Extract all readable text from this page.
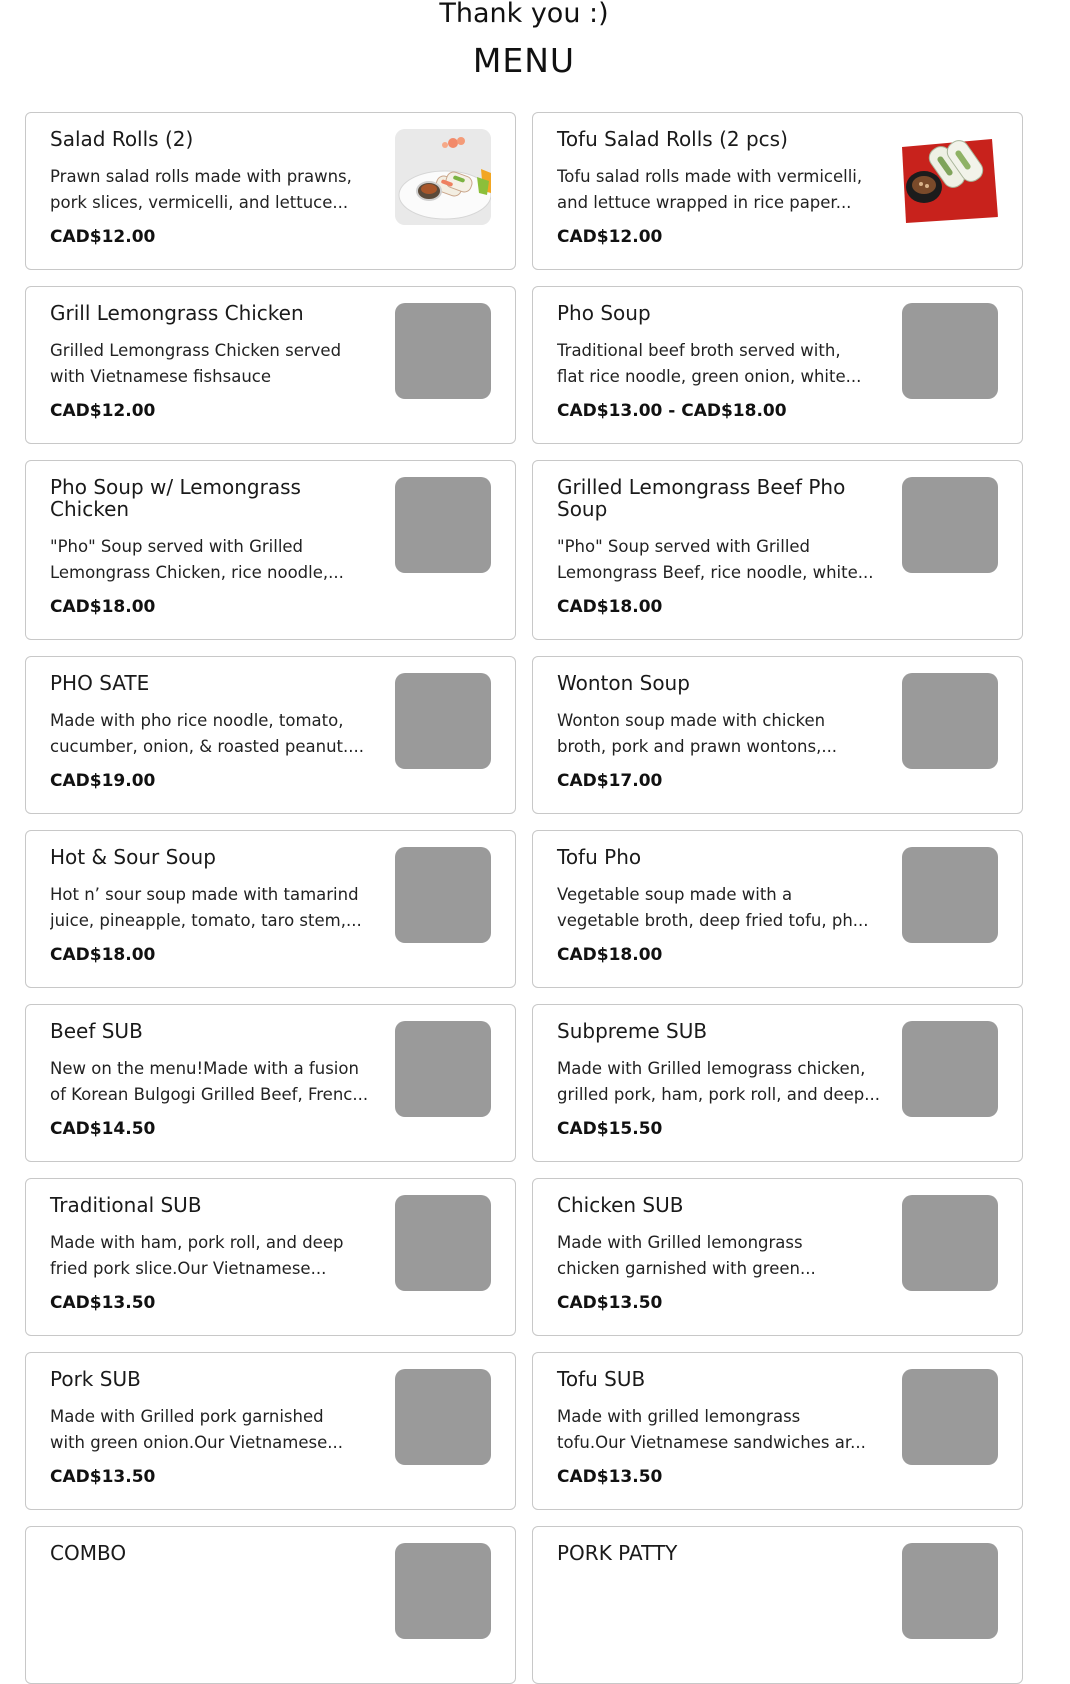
Thank you :)
MENU
Salad Rolls (2)
Prawn salad rolls made with prawns,
pork slices, vermicelli, and lettuce...
CAD$12.00
Tofu Salad Rolls (2 pcs)
Tofu salad rolls made with vermicelli,
and lettuce wrapped in rice paper...
CAD$12.00
Grill Lemongrass Chicken
Grilled Lemongrass Chicken served
with Vietnamese fishsauce
CAD$12.00
Pho Soup
Traditional beef broth served with,
flat rice noodle, green onion, white...
CAD$13.00 - CAD$18.00
Pho Soup w/ Lemongrass Chicken
"Pho" Soup served with Grilled
Lemongrass Chicken, rice noodle,...
CAD$18.00
Grilled Lemongrass Beef Pho Soup
"Pho" Soup served with Grilled
Lemongrass Beef, rice noodle, white...
CAD$18.00
PHO SATE
Made with pho rice noodle, tomato,
cucumber, onion, & roasted peanut....
CAD$19.00
Wonton Soup
Wonton soup made with chicken
broth, pork and prawn wontons,...
CAD$17.00
Hot & Sour Soup
Hot n’ sour soup made with tamarind
juice, pineapple, tomato, taro stem,...
CAD$18.00
Tofu Pho
Vegetable soup made with a
vegetable broth, deep fried tofu, ph...
CAD$18.00
Beef SUB
New on the menu!Made with a fusion
of Korean Bulgogi Grilled Beef, Frenc...
CAD$14.50
Subpreme SUB
Made with Grilled lemograss chicken,
grilled pork, ham, pork roll, and deep...
CAD$15.50
Traditional SUB
Made with ham, pork roll, and deep
fried pork slice.Our Vietnamese...
CAD$13.50
Chicken SUB
Made with Grilled lemongrass
chicken garnished with green...
CAD$13.50
Pork SUB
Made with Grilled pork garnished
with green onion.Our Vietnamese...
CAD$13.50
Tofu SUB
Made with grilled lemongrass
tofu.Our Vietnamese sandwiches ar...
CAD$13.50
COMBO	PORK PATTY
